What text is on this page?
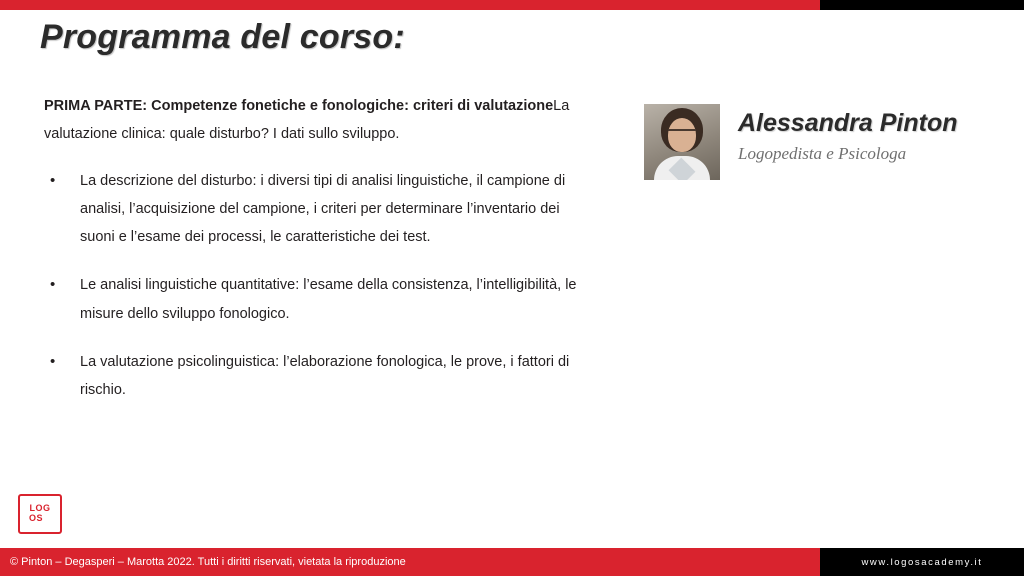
Programma del corso:

PRIMA PARTE: Competenze fonetiche e fonologiche: criteri di valutazioneLa valutazione clinica: quale disturbo? I dati sullo sviluppo.

• La descrizione del disturbo: i diversi tipi di analisi linguistiche, il campione di analisi, l’acquisizione del campione, i criteri per determinare l’inventario dei suoni e l’esame dei processi, le caratteristiche dei test.
• Le analisi linguistiche quantitative: l’esame della consistenza, l’intelligibilità, le misure dello sviluppo fonologico.
• La valutazione psicolinguistica: l’elaborazione fonologica, le prove, i fattori di rischio.
Alessandra Pinton
Logopedista e Psicologa
LOG
OS
© Pinton – Degasperi – Marotta 2022. Tutti i diritti riservati, vietata la riproduzione	www.logosacademy.it
